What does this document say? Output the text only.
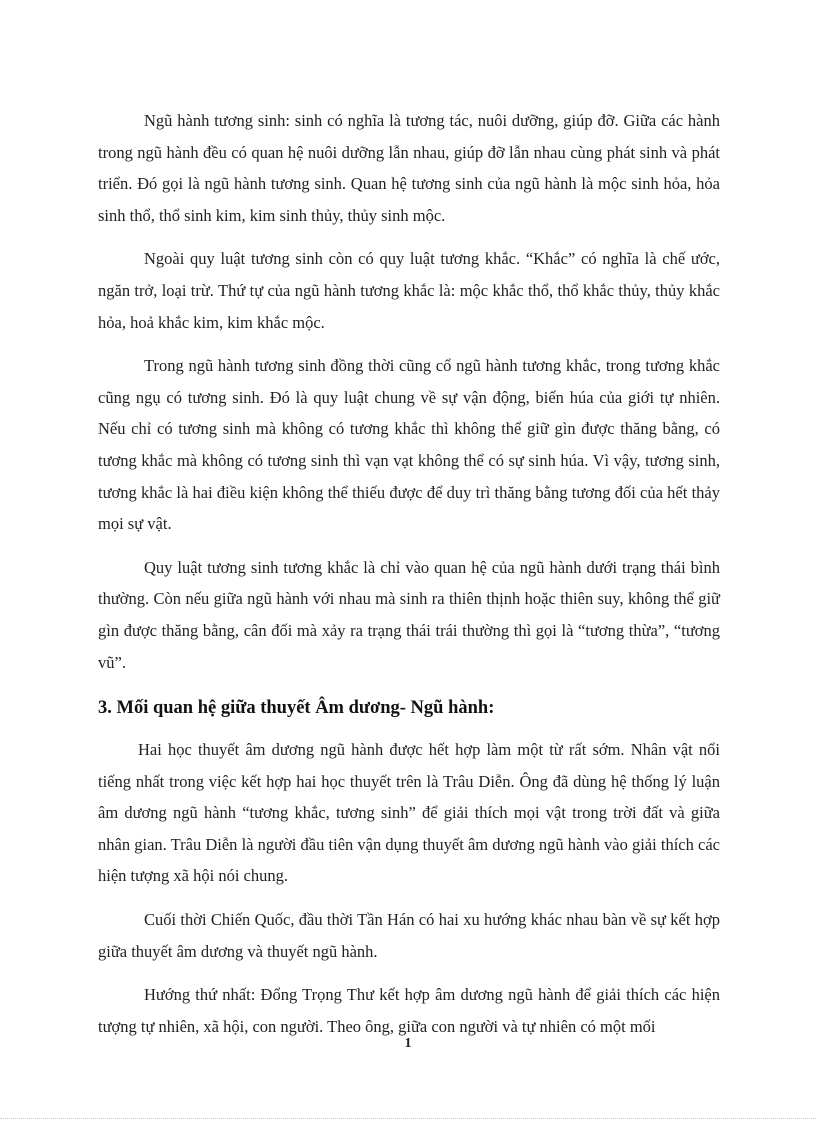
Ngũ hành tương sinh: sinh có nghĩa là tương tác, nuôi dưỡng, giúp đỡ. Giữa các hành trong ngũ hành đều có quan hệ nuôi dưỡng lẫn nhau, giúp đỡ lẫn nhau cùng phát sinh và phát triển. Đó gọi là ngũ hành tương sinh. Quan hệ tương sinh của ngũ hành là mộc sinh hỏa, hỏa sinh thổ, thổ sinh kim, kim sinh thủy, thủy sinh mộc.

Ngoài quy luật tương sinh còn có quy luật tương khắc. “Khắc” có nghĩa là chế ước, ngăn trở, loại trừ. Thứ tự của ngũ hành tương khắc là: mộc khắc thổ, thổ khắc thủy, thủy khắc hỏa, hoả khắc kim, kim khắc mộc.

Trong ngũ hành tương sinh đồng thời cũng cổ ngũ hành tương khắc, trong tương khắc cũng ngụ có tương sinh. Đó là quy luật chung về sự vận động, biến húa của giới tự nhiên. Nếu chỉ có tương sinh mà không có tương khắc thì không thể giữ gìn được thăng bằng, có tương khắc mà không có tương sinh thì vạn vạt không thể có sự sinh húa. Vì vậy, tương sinh, tương khắc là hai điều kiện không thể thiếu được để duy trì thăng bằng tương đối của hết thảy mọi sự vật.

Quy luật tương sinh tương khắc là chỉ vào quan hệ của ngũ hành dưới trạng thái bình thường. Còn nếu giữa ngũ hành với nhau mà sinh ra thiên thịnh hoặc thiên suy, không thể giữ gìn được thăng bằng, cân đối mà xảy ra trạng thái trái thường thì gọi là “tương thừa”, “tương vũ”.

3. Mối quan hệ giữa thuyết Âm dương- Ngũ hành:

Hai học thuyết âm dương ngũ hành được hết hợp làm một từ rất sớm. Nhân vật nổi tiếng nhất trong việc kết hợp hai học thuyết trên là Trâu Diễn. Ông đã dùng hệ thống lý luận âm dương ngũ hành “tương khắc, tương sinh” để giải thích mọi vật trong trời đất và giữa nhân gian. Trâu Diễn là người đầu tiên vận dụng thuyết âm dương ngũ hành vào giải thích các hiện tượng xã hội nói chung.

Cuối thời Chiến Quốc, đầu thời Tần Hán có hai xu hướng khác nhau bàn về sự kết hợp giữa thuyết âm dương và thuyết ngũ hành.

Hướng thứ nhất: Đổng Trọng Thư kết hợp âm dương ngũ hành để giải thích các hiện tượng tự nhiên, xã hội, con người. Theo ông, giữa con người và tự nhiên có một mối

1
